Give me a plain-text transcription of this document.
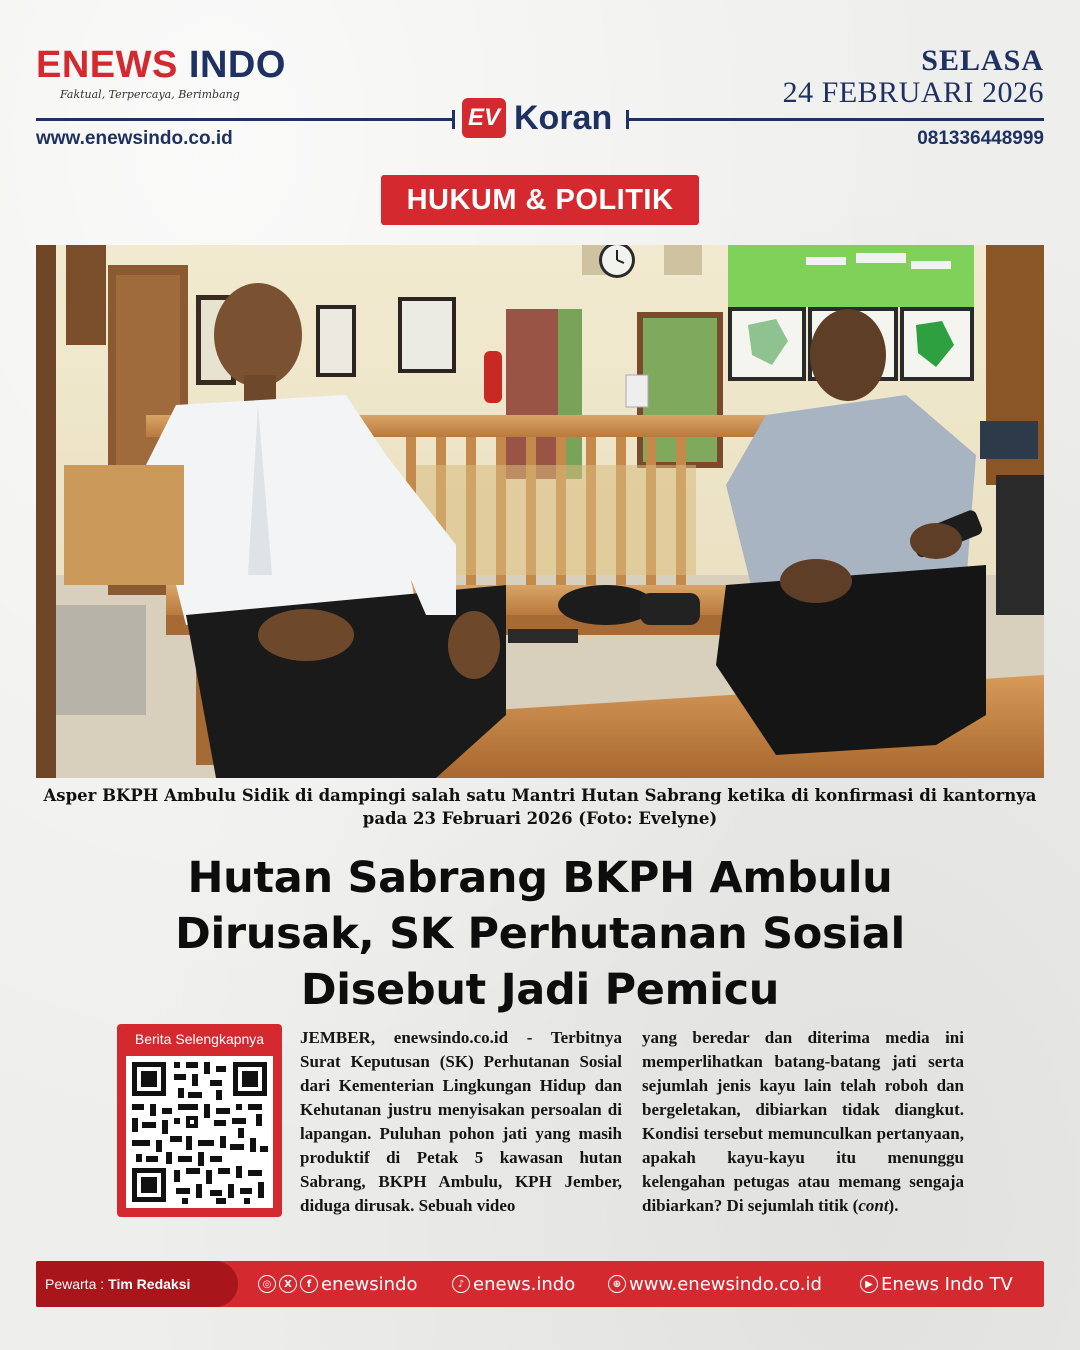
ENEWS INDO
Faktual, Terpercaya, Berimbang
SELASA
24 FEBRUARI 2026
EV Koran
www.enewsindo.co.id	081336448999
HUKUM & POLITIK
Asper BKPH Ambulu Sidik di dampingi salah satu Mantri Hutan Sabrang ketika di konfirmasi di kantornya
pada 23 Februari 2026 (Foto: Evelyne)
Hutan Sabrang BKPH Ambulu
Dirusak, SK Perhutanan Sosial
Disebut Jadi Pemicu
Berita Selengkapnya	JEMBER, enewsindo.co.id - Terbitnya Surat Keputusan (SK) Perhutanan Sosial dari Kementerian Lingkungan Hidup dan Kehutanan justru menyisakan persoalan di lapangan. Puluhan pohon jati yang masih produktif di Petak 5 kawasan hutan Sabrang, BKPH Ambulu, KPH Jember, diduga dirusak. Sebuah video
yang beredar dan diterima media ini memperlihatkan batang-batang jati serta sejumlah jenis kayu lain telah roboh dan bergeletakan, dibiarkan tidak diangkut. Kondisi tersebut memunculkan pertanyaan, apakah kayu-kayu itu menunggu kelengahan petugas atau memang sengaja dibiarkan? Di sejumlah titik (cont).
Pewarta : Tim Redaksi	◎	X	f enewsindo	♪ enews.indo	⊕ www.enewsindo.co.id	▶ Enews Indo TV
